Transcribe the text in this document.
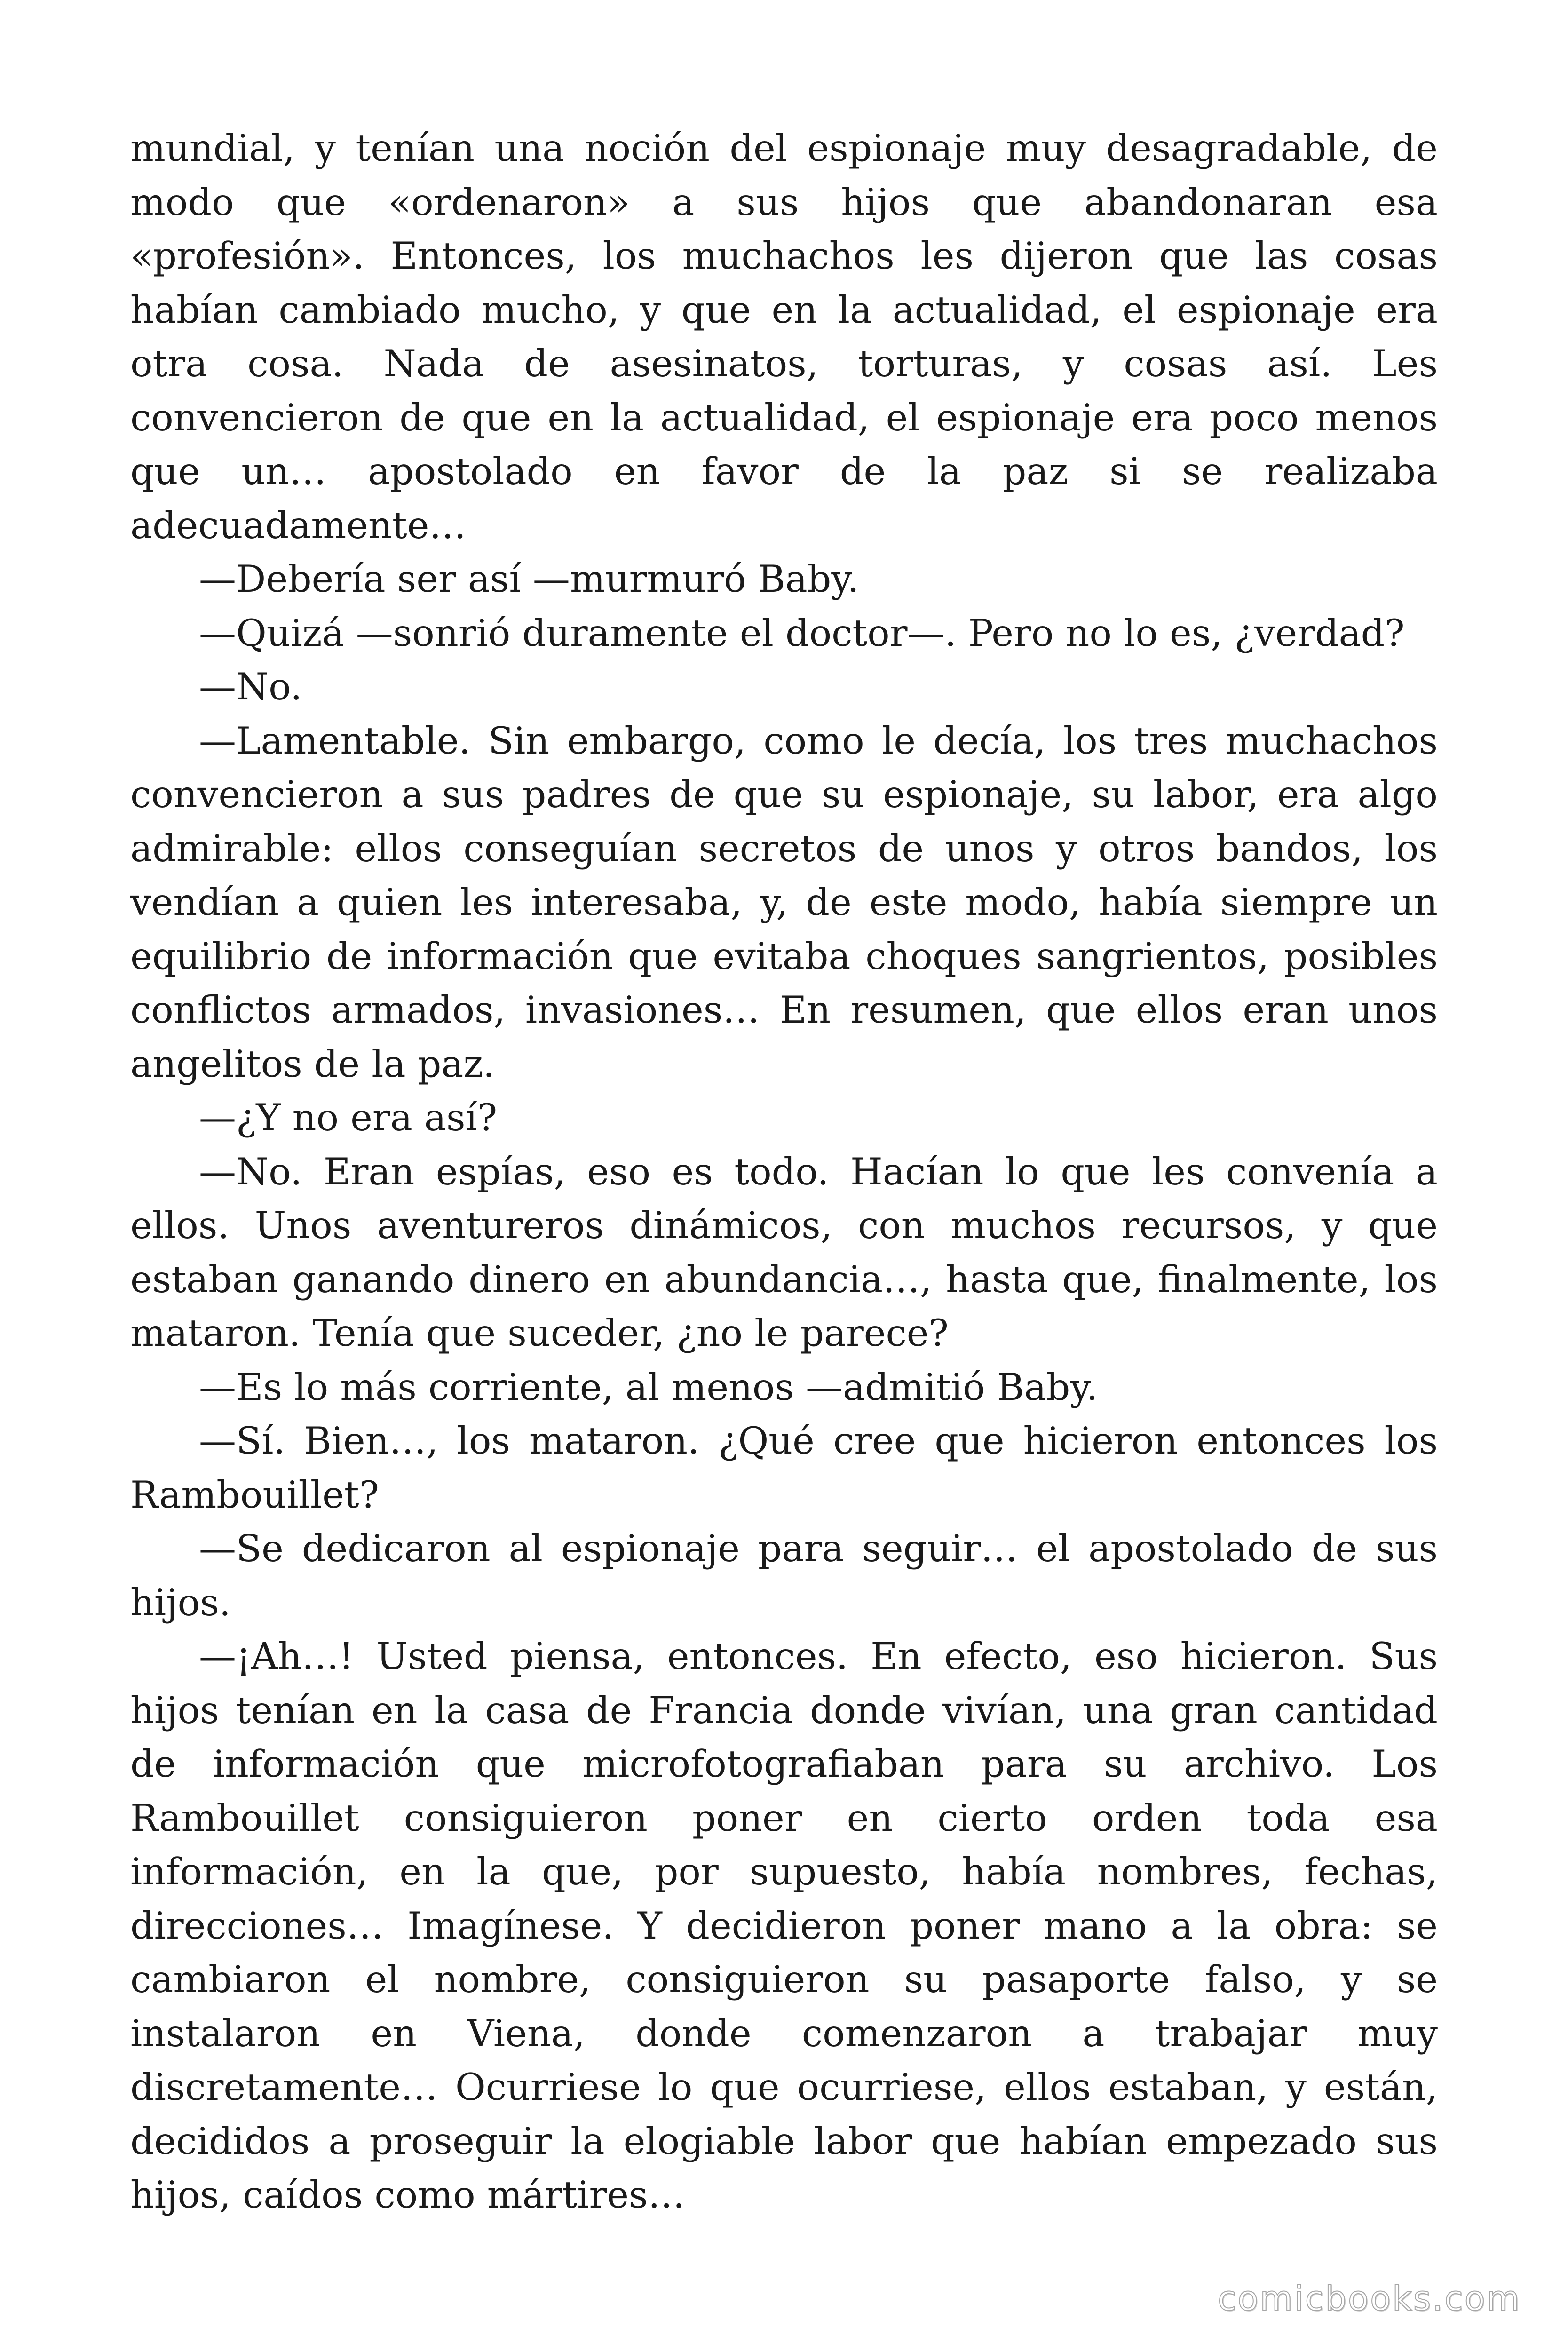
mundial, y tenían una noción del espionaje muy desagradable, de modo que «ordenaron» a sus hijos que abandonaran esa «profesión». Entonces, los muchachos les dijeron que las cosas habían cambiado mucho, y que en la actualidad, el espionaje era otra cosa. Nada de asesinatos, torturas, y cosas así. Les convencieron de que en la actualidad, el espionaje era poco menos que un… apostolado en favor de la paz si se realizaba adecuadamente…

—Debería ser así —murmuró Baby.

—Quizá —sonrió duramente el doctor—. Pero no lo es, ¿verdad?

—No.

—Lamentable. Sin embargo, como le decía, los tres muchachos convencieron a sus padres de que su espionaje, su labor, era algo admirable: ellos conseguían secretos de unos y otros bandos, los vendían a quien les interesaba, y, de este modo, había siempre un equilibrio de información que evitaba choques sangrientos, posibles conflictos armados, invasiones… En resumen, que ellos eran unos angelitos de la paz.

—¿Y no era así?

—No. Eran espías, eso es todo. Hacían lo que les convenía a ellos. Unos aventureros dinámicos, con muchos recursos, y que estaban ganando dinero en abundancia…, hasta que, finalmente, los mataron. Tenía que suceder, ¿no le parece?

—Es lo más corriente, al menos —admitió Baby.

—Sí. Bien…, los mataron. ¿Qué cree que hicieron entonces los Rambouillet?

—Se dedicaron al espionaje para seguir… el apostolado de sus hijos.

—¡Ah…! Usted piensa, entonces. En efecto, eso hicieron. Sus hijos tenían en la casa de Francia donde vivían, una gran cantidad de información que microfotografiaban para su archivo. Los Rambouillet consiguieron poner en cierto orden toda esa información, en la que, por supuesto, había nombres, fechas, direcciones… Imagínese. Y decidieron poner mano a la obra: se cambiaron el nombre, consiguieron su pasaporte falso, y se instalaron en Viena, donde comenzaron a trabajar muy discretamente… Ocurriese lo que ocurriese, ellos estaban, y están, decididos a proseguir la elogiable labor que habían empezado sus hijos, caídos como mártires…

comicbooks.com
